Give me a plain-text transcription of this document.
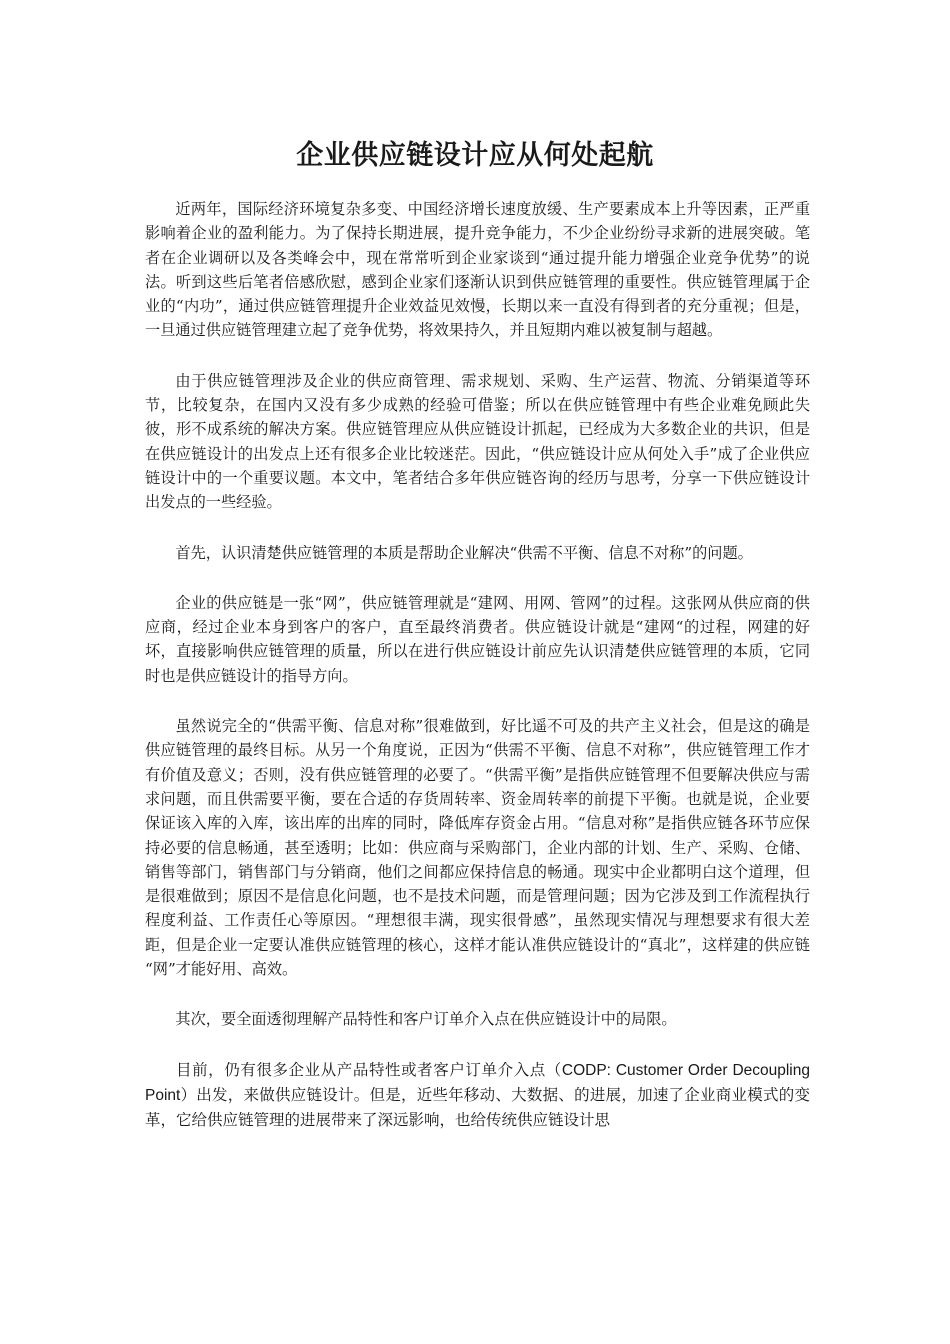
企业供应链设计应从何处起航

近两年，国际经济环境复杂多变、中国经济增长速度放缓、生产要素成本上升等因素，正严重影响着企业的盈利能力。为了保持长期进展，提升竞争能力，不少企业纷纷寻求新的进展突破。笔者在企业调研以及各类峰会中，现在常常听到企业家谈到“通过提升能力增强企业竞争优势”的说法。听到这些后笔者倍感欣慰，感到企业家们逐渐认识到供应链管理的重要性。供应链管理属于企业的“内功”，通过供应链管理提升企业效益见效慢，长期以来一直没有得到者的充分重视；但是，一旦通过供应链管理建立起了竞争优势，将效果持久，并且短期内难以被复制与超越。

由于供应链管理涉及企业的供应商管理、需求规划、采购、生产运营、物流、分销渠道等环节，比较复杂，在国内又没有多少成熟的经验可借鉴；所以在供应链管理中有些企业难免顾此失彼，形不成系统的解决方案。供应链管理应从供应链设计抓起，已经成为大多数企业的共识，但是在供应链设计的出发点上还有很多企业比较迷茫。因此，“供应链设计应从何处入手”成了企业供应链设计中的一个重要议题。本文中，笔者结合多年供应链咨询的经历与思考，分享一下供应链设计出发点的一些经验。

首先，认识清楚供应链管理的本质是帮助企业解决“供需不平衡、信息不对称”的问题。

企业的供应链是一张“网”，供应链管理就是“建网、用网、管网”的过程。这张网从供应商的供应商，经过企业本身到客户的客户，直至最终消费者。供应链设计就是“建网“的过程，网建的好坏，直接影响供应链管理的质量，所以在进行供应链设计前应先认识清楚供应链管理的本质，它同时也是供应链设计的指导方向。

虽然说完全的“供需平衡、信息对称”很难做到，好比遥不可及的共产主义社会，但是这的确是供应链管理的最终目标。从另一个角度说，正因为“供需不平衡、信息不对称”，供应链管理工作才有价值及意义；否则，没有供应链管理的必要了。“供需平衡”是指供应链管理不但要解决供应与需求问题，而且供需要平衡，要在合适的存货周转率、资金周转率的前提下平衡。也就是说，企业要保证该入库的入库，该出库的出库的同时，降低库存资金占用。“信息对称”是指供应链各环节应保持必要的信息畅通，甚至透明；比如：供应商与采购部门，企业内部的计划、生产、采购、仓储、销售等部门，销售部门与分销商，他们之间都应保持信息的畅通。现实中企业都明白这个道理，但是很难做到；原因不是信息化问题，也不是技术问题，而是管理问题；因为它涉及到工作流程执行程度利益、工作责任心等原因。“理想很丰满，现实很骨感”，虽然现实情况与理想要求有很大差距，但是企业一定要认准供应链管理的核心，这样才能认准供应链设计的“真北”，这样建的供应链 “网”才能好用、高效。

其次，要全面透彻理解产品特性和客户订单介入点在供应链设计中的局限。

目前，仍有很多企业从产品特性或者客户订单介入点（CODP: Customer Order Decoupling Point）出发，来做供应链设计。但是，近些年移动、大数据、的进展，加速了企业商业模式的变革，它给供应链管理的进展带来了深远影响，也给传统供应链设计思
